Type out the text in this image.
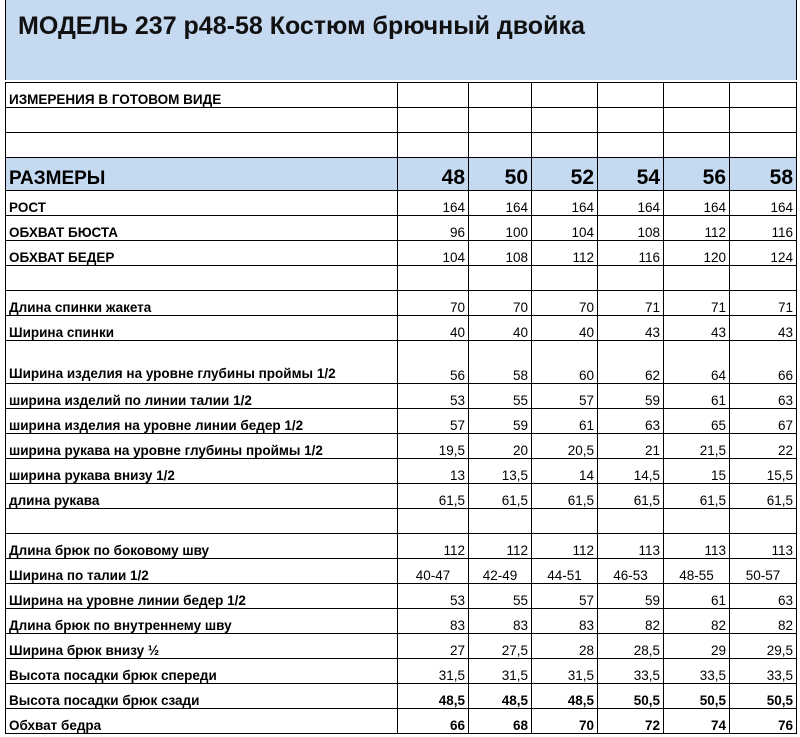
МОДЕЛЬ 237 р48-58 Костюм брючный двойка
ИЗМЕРЕНИЯ В ГОТОВОМ ВИДЕ						

РАЗМЕРЫ	48	50	52	54	56	58
РОСТ	164	164	164	164	164	164
ОБХВАТ БЮСТА	96	100	104	108	112	116
ОБХВАТ БЕДЕР	104	108	112	116	120	124

Длина спинки жакета	70	70	70	71	71	71
Ширина спинки	40	40	40	43	43	43
Ширина изделия на уровне глубины проймы 1/2	56	58	60	62	64	66
ширина изделий по линии талии 1/2	53	55	57	59	61	63
ширина изделия на уровне линии бедер 1/2	57	59	61	63	65	67
ширина рукава на уровне глубины проймы 1/2	19,5	20	20,5	21	21,5	22
ширина рукава внизу 1/2	13	13,5	14	14,5	15	15,5
длина рукава	61,5	61,5	61,5	61,5	61,5	61,5

Длина брюк по боковому шву	112	112	112	113	113	113
Ширина по талии 1/2	40-47	42-49	44-51	46-53	48-55	50-57
Ширина на уровне линии бедер 1/2	53	55	57	59	61	63
Длина брюк по внутреннему шву	83	83	83	82	82	82
Ширина брюк внизу ½	27	27,5	28	28,5	29	29,5
Высота посадки брюк спереди	31,5	31,5	31,5	33,5	33,5	33,5
Высота посадки брюк сзади	48,5	48,5	48,5	50,5	50,5	50,5
Обхват бедра	66	68	70	72	74	76
